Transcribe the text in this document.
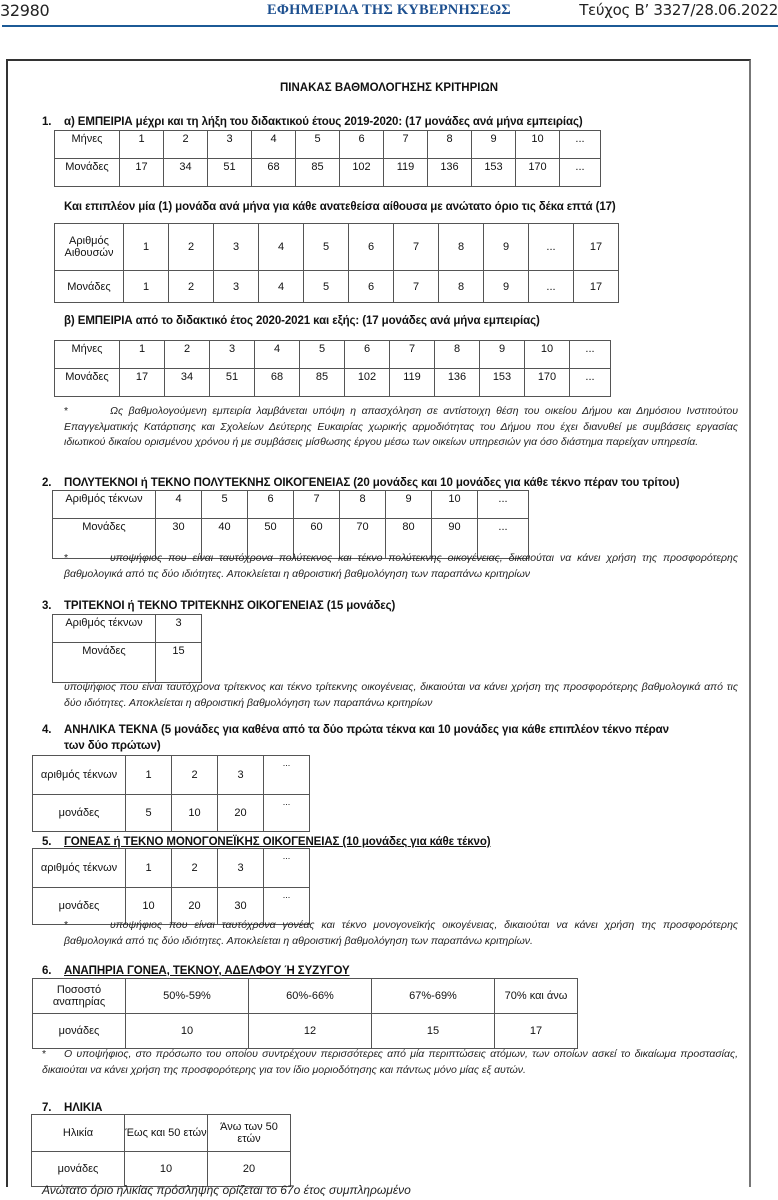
32980	ΕΦΗΜΕΡΙΔΑ ΤΗΣ ΚΥΒΕΡΝΗΣΕΩΣ	Τεύχος Β’ 3327/28.06.2022
ΠΙΝΑΚΑΣ ΒΑΘΜΟΛΟΓΗΣΗΣ ΚΡΙΤΗΡΙΩΝ
1. α) ΕΜΠΕΙΡΙΑ μέχρι και τη λήξη του διδακτικού έτους 2019-2020: (17 μονάδες ανά μήνα εμπειρίας)
Μήνες	1	2	3	4	5	6	7	8	9	10	...
Μονάδες	17	34	51	68	85	102	119	136	153	170	...
Και επιπλέον μία (1) μονάδα ανά μήνα για κάθε ανατεθείσα αίθουσα με ανώτατο όριο τις δέκα επτά (17)
Αριθμός Αιθουσών	1	2	3	4	5	6	7	8	9	...	17
Μονάδες	1	2	3	4	5	6	7	8	9	...	17
β) ΕΜΠΕΙΡΙΑ από το διδακτικό έτος 2020-2021 και εξής: (17 μονάδες ανά μήνα εμπειρίας)
Μήνες	1	2	3	4	5	6	7	8	9	10	...
Μονάδες	17	34	51	68	85	102	119	136	153	170	...
*	Ως βαθμολογούμενη εμπειρία λαμβάνεται υπόψη η απασχόληση σε αντίστοιχη θέση του οικείου Δήμου και Δημόσιου Ινστιτούτου Επαγγελματικής Κατάρτισης και Σχολείων Δεύτερης Ευκαιρίας χωρικής αρμοδιότητας του Δήμου που έχει διανυθεί με συμβάσεις εργασίας ιδιωτικού δικαίου ορισμένου χρόνου ή με συμβάσεις μίσθωσης έργου μέσω των οικείων υπηρεσιών για όσο διάστημα παρείχαν υπηρεσία.
2. ΠΟΛΥΤΕΚΝΟΙ ή ΤΕΚΝΟ ΠΟΛΥΤΕΚΝΗΣ ΟΙΚΟΓΕΝΕΙΑΣ (20 μονάδες και 10 μονάδες για κάθε τέκνο πέραν του τρίτου)
Αριθμός τέκνων	4	5	6	7	8	9	10	...
Μονάδες	30	40	50	60	70	80	90	...
*	υποψήφιος που είναι ταυτόχρονα πολύτεκνος και τέκνο πολύτεκνης οικογένειας, δικαιούται να κάνει χρήση της προσφορότερης βαθμολογικά από τις δύο ιδιότητες. Αποκλείεται η αθροιστική βαθμολόγηση των παραπάνω κριτηρίων
3. ΤΡΙΤΕΚΝΟΙ ή ΤΕΚΝΟ ΤΡΙΤΕΚΝΗΣ ΟΙΚΟΓΕΝΕΙΑΣ (15 μονάδες)
Αριθμός τέκνων	3
Μονάδες	15
υποψήφιος που είναι ταυτόχρονα τρίτεκνος και τέκνο τρίτεκνης οικογένειας, δικαιούται να κάνει χρήση της προσφορότερης βαθμολογικά από τις δύο ιδιότητες. Αποκλείεται η αθροιστική βαθμολόγηση των παραπάνω κριτηρίων
4. ΑΝΗΛΙΚΑ ΤΕΚΝΑ (5 μονάδες για καθένα από τα δύο πρώτα τέκνα και 10 μονάδες για κάθε επιπλέον τέκνο πέραν
των δύο πρώτων)
αριθμός τέκνων	1	2	3	...
μονάδες	5	10	20	...
5. ΓΟΝΕΑΣ ή ΤΕΚΝΟ ΜΟΝΟΓΟΝΕΪΚΗΣ ΟΙΚΟΓΕΝΕΙΑΣ (10 μονάδες για κάθε τέκνο)
αριθμός τέκνων	1	2	3	...
μονάδες	10	20	30	...
*	υποψήφιος που είναι ταυτόχρονα γονέας και τέκνο μονογονεϊκής οικογένειας, δικαιούται να κάνει χρήση της προσφορότερης βαθμολογικά από τις δύο ιδιότητες. Αποκλείεται η αθροιστική βαθμολόγηση των παραπάνω κριτηρίων.
6. ΑΝΑΠΗΡΙΑ ΓΟΝΕΑ, ΤΕΚΝΟΥ, ΑΔΕΛΦΟΥ Ή ΣΥΖΥΓΟΥ
Ποσοστό αναπηρίας	50%-59%	60%-66%	67%-69%	70% και άνω
μονάδες	10	12	15	17
* Ο υποψήφιος, στο πρόσωπο του οποίου συντρέχουν περισσότερες από μία περιπτώσεις ατόμων, των οποίων ασκεί το δικαίωμα προστασίας, δικαιούται να κάνει χρήση της προσφορότερης για τον ίδιο μοριοδότησης και πάντως μόνο μίας εξ αυτών.
7. ΗΛΙΚΙΑ
Ηλικία	Έως και 50 ετών	Άνω των 50 ετών
μονάδες	10	20
Ανώτατο όριο ηλικίας πρόσληψης ορίζεται το 67ο έτος συμπληρωμένο
